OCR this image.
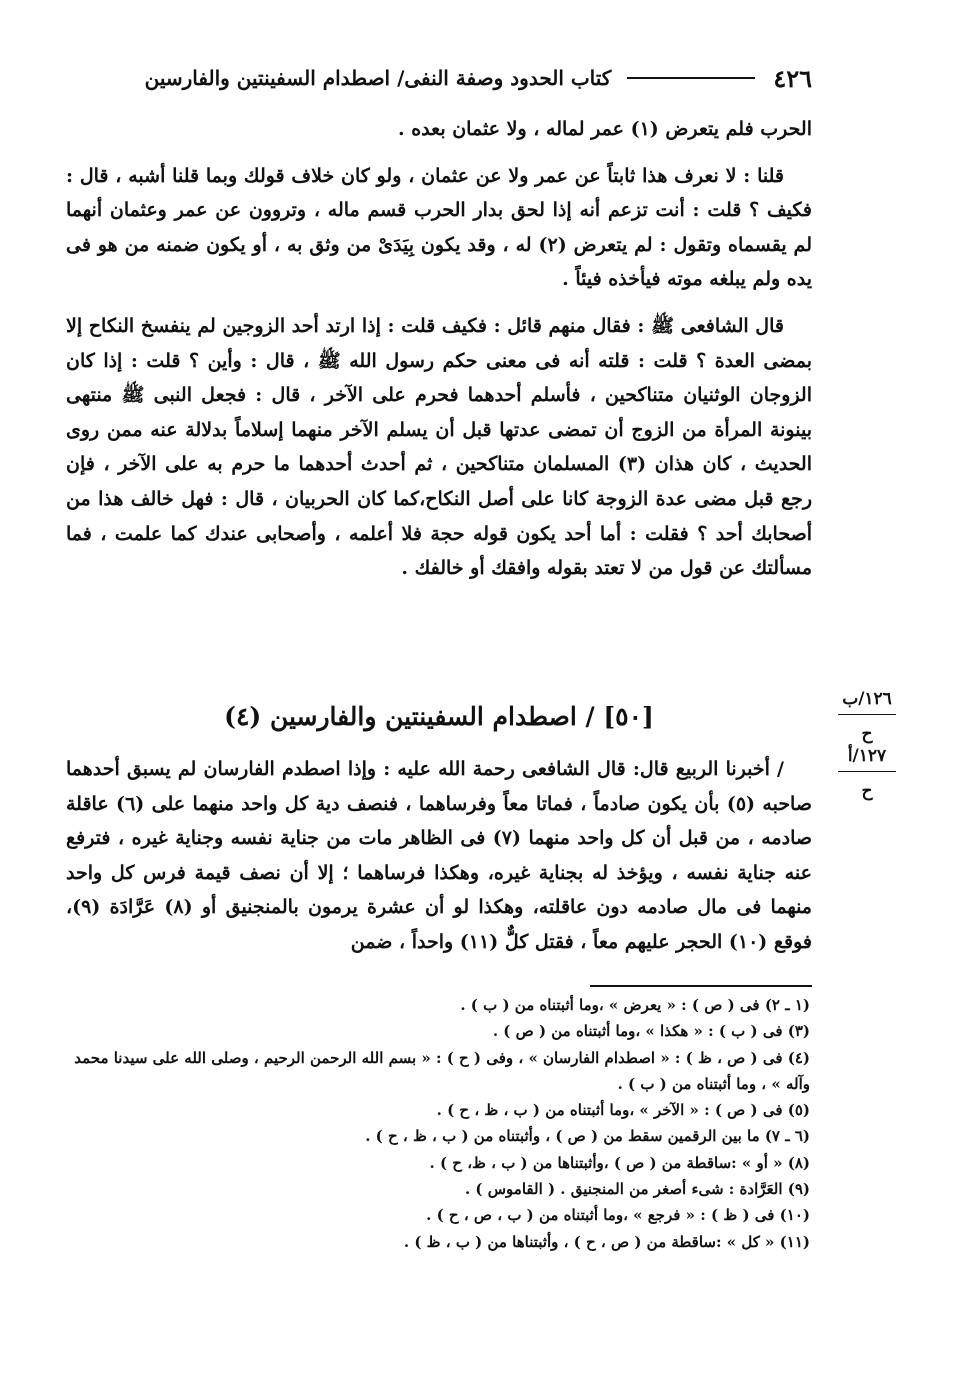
٤٢٦
كتاب الحدود وصفة النفى/ اصطدام السفينتين والفارسين

الحرب فلم يتعرض (١) عمر لماله ، ولا عثمان بعده .

قلنا : لا نعرف هذا ثابتاً عن عمر ولا عن عثمان ، ولو كان خلاف قولك وبما قلنا أشبه ، قال : فكيف ؟ قلت : أنت تزعم أنه إذا لحق بدار الحرب قسم ماله ، وتروون عن عمر وعثمان أنهما لم يقسماه وتقول : لم يتعرض (٢) له ، وقد يكون بِيَدَىْ من وثق به ، أو يكون ضمنه من هو فى يده ولم يبلغه موته فيأخذه فيئاً .

قال الشافعى ﷺ : فقال منهم قائل : فكيف قلت : إذا ارتد أحد الزوجين لم ينفسخ النكاح إلا بمضى العدة ؟ قلت : قلته أنه فى معنى حكم رسول الله ﷺ ، قال : وأين ؟ قلت : إذا كان الزوجان الوثنيان متناكحين ، فأسلم أحدهما فحرم على الآخر ، قال : فجعل النبى ﷺ منتهى بينونة المرأة من الزوج أن تمضى عدتها قبل أن يسلم الآخر منهما إسلاماً بدلالة عنه ممن روى الحديث ، كان هذان (٣) المسلمان متناكحين ، ثم أحدث أحدهما ما حرم به على الآخر ، فإن رجع قبل مضى عدة الزوجة كانا على أصل النكاح،كما كان الحربيان ، قال : فهل خالف هذا من أصحابك أحد ؟ فقلت : أما أحد يكون قوله حجة فلا أعلمه ، وأصحابى عندك كما علمت ، فما مسألتك عن قول من لا تعتد بقوله وافقك أو خالفك .

[٥٠] / اصطدام السفينتين والفارسين (٤)
١٢٦/ب
ح
١٢٧/أ
ح

/ أخبرنا الربيع قال: قال الشافعى رحمة الله عليه : وإذا اصطدم الفارسان لم يسبق أحدهما صاحبه (٥) بأن يكون صادماً ، فماتا معاً وفرساهما ، فنصف دية كل واحد منهما على (٦) عاقلة صادمه ، من قبل أن كل واحد منهما (٧) فى الظاهر مات من جناية نفسه وجناية غيره ، فترفع عنه جناية نفسه ، ويؤخذ له بجناية غيره، وهكذا فرساهما ؛ إلا أن نصف قيمة فرس كل واحد منهما فى مال صادمه دون عاقلته، وهكذا لو أن عشرة يرمون بالمنجنيق أو (٨) عَرَّادَة (٩)، فوقع (١٠) الحجر عليهم معاً ، فقتل كلٌّ (١١) واحداً ، ضمن

(١ ـ ٢) فى ( ص ) : « يعرض » ،وما أثبتناه من ( ب ) .

(٣) فى ( ب ) : « هكذا » ،وما أثبتناه من ( ص ) .

(٤) فى ( ص ، ظ ) : « اصطدام الفارسان » ، وفى ( ح ) : « بسم الله الرحمن الرحيم ، وصلى الله على سيدنا محمد وآله » ، وما أثبتناه من ( ب ) .

(٥) فى ( ص ) : « الآخر » ،وما أثبتناه من ( ب ، ظ ، ح ) .

(٦ ـ ٧) ما بين الرقمين سقط من ( ص ) ، وأثبتناه من ( ب ، ظ ، ح ) .

(٨) « أو » :ساقطة من ( ص ) ،وأثبتناها من ( ب ، ظ، ح ) .

(٩) العَرَّادة : شىء أصغر من المنجنيق . ( القاموس ) .

(١٠) فى ( ظ ) : « فرجع » ،وما أثبتناه من ( ب ، ص ، ح ) .

(١١) « كل » :ساقطة من ( ص ، ح ) ، وأثبتناها من ( ب ، ظ ) .
